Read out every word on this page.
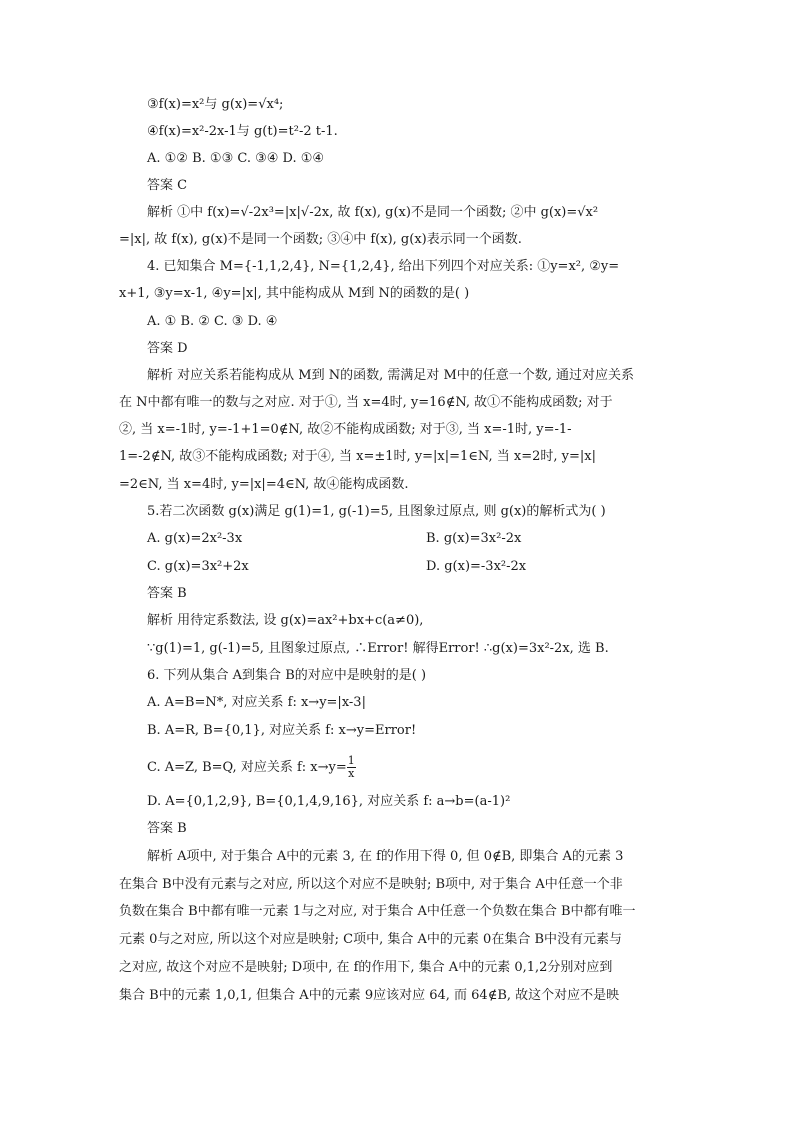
③f(x)=x²与 g(x)=√x⁴;
④f(x)=x²-2x-1与 g(t)=t²-2 t-1.
A. ①② B. ①③ C. ③④ D. ①④
答案 C
解析 ①中 f(x)=√-2x³=|x|√-2x, 故 f(x), g(x)不是同一个函数; ②中 g(x)=√x²
=|x|, 故 f(x), g(x)不是同一个函数; ③④中 f(x), g(x)表示同一个函数.
4. 已知集合 M={-1,1,2,4}, N={1,2,4}, 给出下列四个对应关系: ①y=x², ②y=
x+1, ③y=x-1, ④y=|x|, 其中能构成从 M到 N的函数的是( )
A. ① B. ② C. ③ D. ④
答案 D
解析 对应关系若能构成从 M到 N的函数, 需满足对 M中的任意一个数, 通过对应关系
在 N中都有唯一的数与之对应. 对于①, 当 x=4时, y=16∉N, 故①不能构成函数; 对于
②, 当 x=-1时, y=-1+1=0∉N, 故②不能构成函数; 对于③, 当 x=-1时, y=-1-
1=-2∉N, 故③不能构成函数; 对于④, 当 x=±1时, y=|x|=1∈N, 当 x=2时, y=|x|
=2∈N, 当 x=4时, y=|x|=4∈N, 故④能构成函数.
5.若二次函数 g(x)满足 g(1)=1, g(-1)=5, 且图象过原点, 则 g(x)的解析式为( )
A. g(x)=2x²-3x	B. g(x)=3x²-2x
C. g(x)=3x²+2x	D. g(x)=-3x²-2x
答案 B
解析 用待定系数法, 设 g(x)=ax²+bx+c(a≠0),
∵g(1)=1, g(-1)=5, 且图象过原点, ∴Error! 解得Error! ∴g(x)=3x²-2x, 选 B.
6. 下列从集合 A到集合 B的对应中是映射的是( )
A. A=B=N*, 对应关系 f: x→y=|x-3|
B. A=R, B={0,1}, 对应关系 f: x→y=Error!
C. A=Z, B=Q, 对应关系 f: $x\to y= \frac{1}{x}$
D. A={0,1,2,9}, B={0,1,4,9,16}, 对应关系 f: a→b=(a-1)²
答案 B
解析 A项中, 对于集合 A中的元素 3, 在 f的作用下得 0, 但 0∉B, 即集合 A的元素 3
在集合 B中没有元素与之对应, 所以这个对应不是映射; B项中, 对于集合 A中任意一个非
负数在集合 B中都有唯一元素 1与之对应, 对于集合 A中任意一个负数在集合 B中都有唯一
元素 0与之对应, 所以这个对应是映射; C项中, 集合 A中的元素 0在集合 B中没有元素与
之对应, 故这个对应不是映射; D项中, 在 f的作用下, 集合 A中的元素 0,1,2分别对应到
集合 B中的元素 1,0,1, 但集合 A中的元素 9应该对应 64, 而 64∉B, 故这个对应不是映
